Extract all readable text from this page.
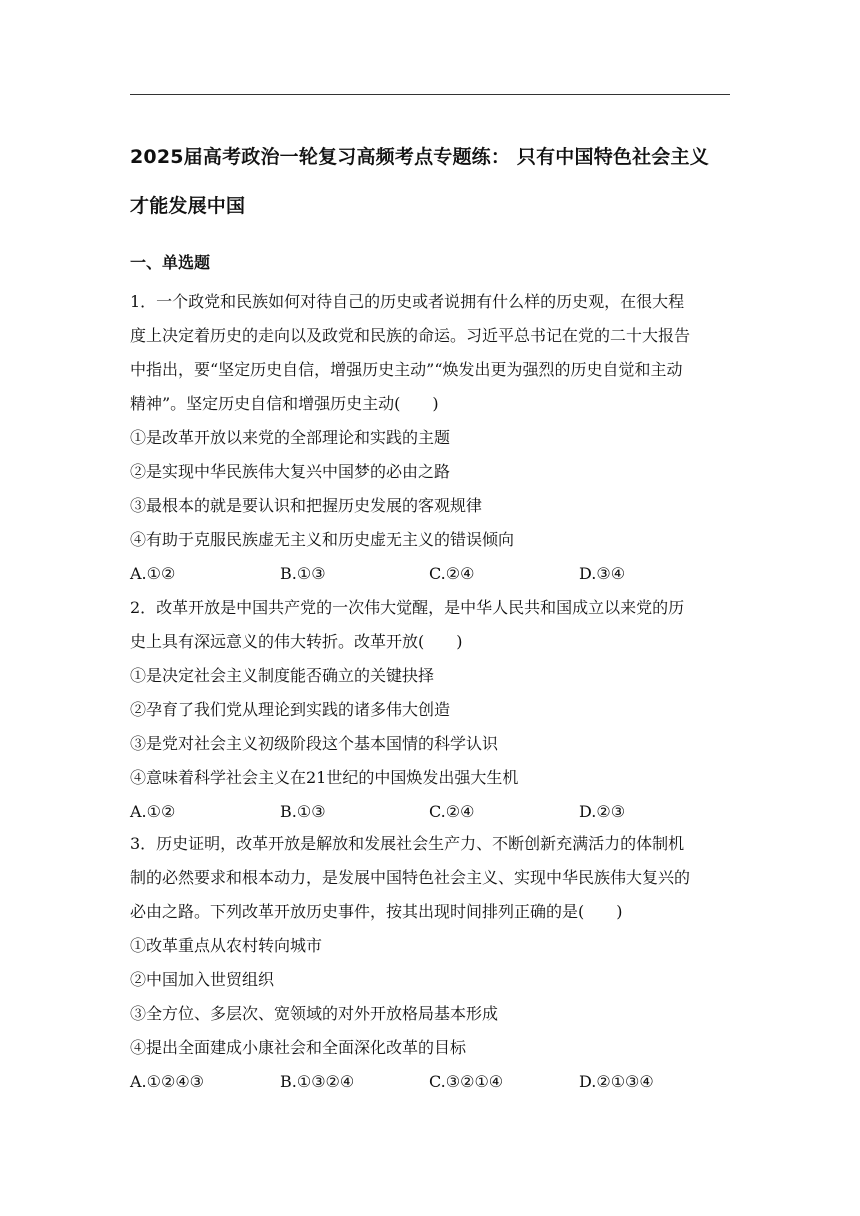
2025届高考政治一轮复习高频考点专题练： 只有中国特色社会主义
才能发展中国
一、单选题
1．一个政党和民族如何对待自己的历史或者说拥有什么样的历史观，在很大程
度上决定着历史的走向以及政党和民族的命运。习近平总书记在党的二十大报告
中指出，要“坚定历史自信，增强历史主动”“焕发出更为强烈的历史自觉和主动
精神”。坚定历史自信和增强历史主动(　　)
①是改革开放以来党的全部理论和实践的主题
②是实现中华民族伟大复兴中国梦的必由之路
③最根本的就是要认识和把握历史发展的客观规律
④有助于克服民族虚无主义和历史虚无主义的错误倾向
A.①②	B.①③	C.②④	D.③④
2．改革开放是中国共产党的一次伟大觉醒，是中华人民共和国成立以来党的历
史上具有深远意义的伟大转折。改革开放(　　)
①是决定社会主义制度能否确立的关键抉择
②孕育了我们党从理论到实践的诸多伟大创造
③是党对社会主义初级阶段这个基本国情的科学认识
④意味着科学社会主义在21世纪的中国焕发出强大生机
A.①②	B.①③	C.②④	D.②③
3．历史证明，改革开放是解放和发展社会生产力、不断创新充满活力的体制机
制的必然要求和根本动力，是发展中国特色社会主义、实现中华民族伟大复兴的
必由之路。下列改革开放历史事件，按其出现时间排列正确的是(　　)
①改革重点从农村转向城市
②中国加入世贸组织
③全方位、多层次、宽领域的对外开放格局基本形成
④提出全面建成小康社会和全面深化改革的目标
A.①②④③	B.①③②④	C.③②①④	D.②①③④
